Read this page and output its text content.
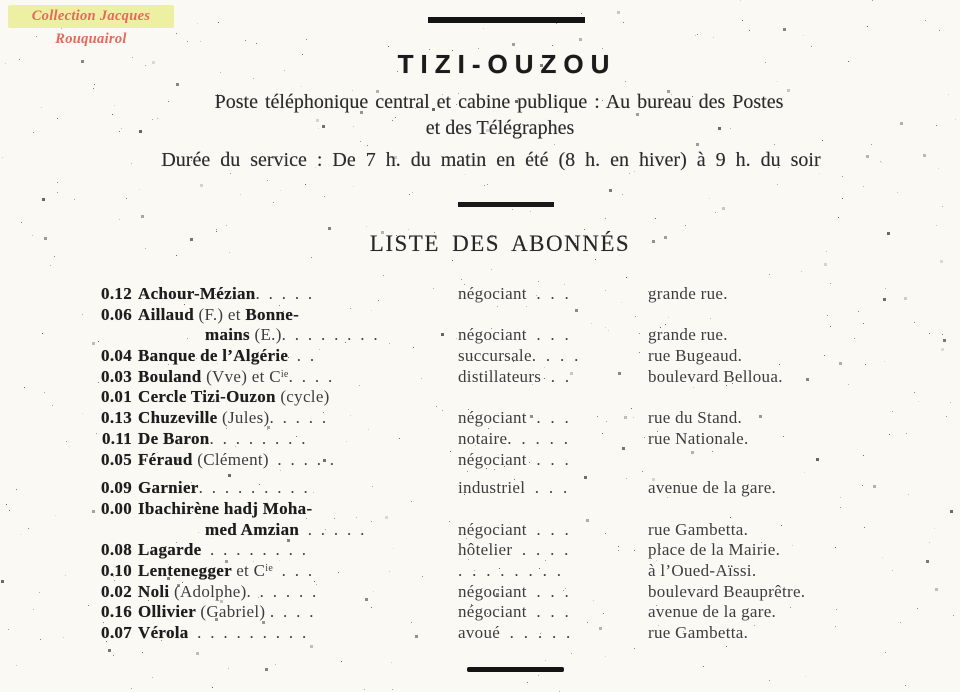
Collection Jacques Rouquairol
TIZI-OUZOU
Poste téléphonique central et cabine publique : Au bureau des Postes
et des Télégraphes
Durée du service : De 7 h. du matin en été (8 h. en hiver) à 9 h. du soir
LISTE DES ABONNÉS
0.12 Achour-Mézian. . . . .	négociant . . .	grande rue.
0.06 Aillaud (F.) et Bonne-
mains (E.). . . . . . . .	négociant . . .	grande rue.
0.04 Banque de l’Algérie . .	succursale. . . .	rue Bugeaud.
0.03 Bouland (Vve) et $C^{ie}$. . . .	distillateurs . .	boulevard Belloua.
0.01 Cercle Tizi-Ouzon (cycle)
0.13 Chuzeville (Jules). . . . .	négociant . . .	rue du Stand.
0.11 De Baron. . . . . . . .	notaire. . . . .	rue Nationale.
0.05 Féraud (Clément) . . . . .	négociant . . .
0.09 Garnier. . . . . . . . .	industriel . . .	avenue de la gare.
0.00 Ibachirène hadj Moha-
med Amzian . . . . .	négociant . . .	rue Gambetta.
0.08 Lagarde . . . . . . . .	hôtelier . . . .	place de la Mairie.
0.10 Lentenegger et $C^{ie}$ . . .	. . . . . . . .	à l’Oued-Aïssi.
0.02 Noli (Adolphe). . . . . .	négociant . . .	boulevard Beauprêtre.
0.16 Ollivier (Gabriel) . . . .	négociant . . .	avenue de la gare.
0.07 Vérola . . . . . . . . .	avoué . . . . .	rue Gambetta.
